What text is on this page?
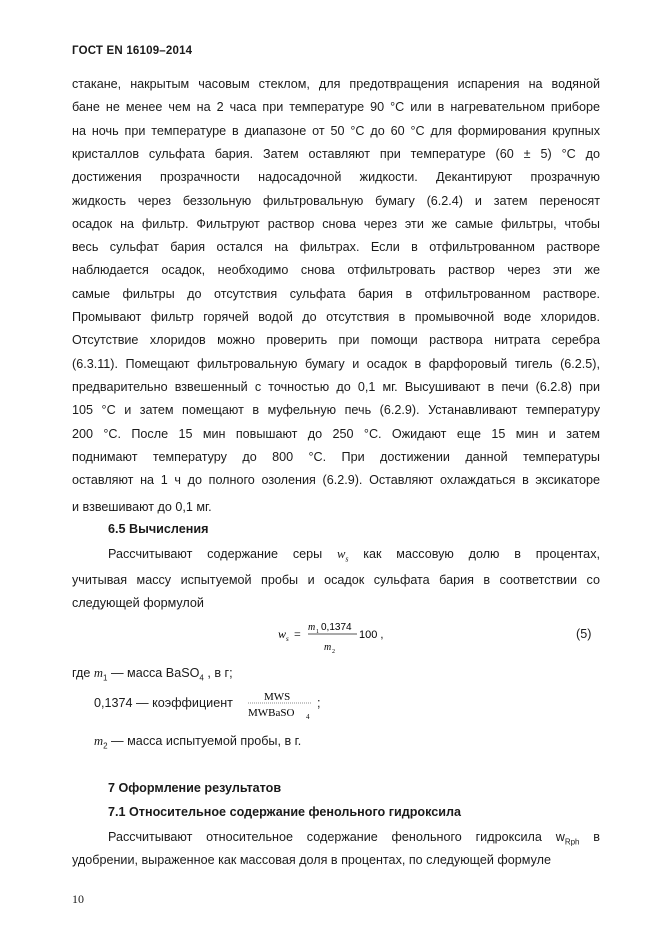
ГОСТ EN 16109–2014
стакане, накрытым часовым стеклом, для предотвращения испарения на водяной
бане не менее чем на 2 часа при температуре 90 °С или в нагревательном приборе
на ночь при температуре в диапазоне от 50 °С до 60 °С для формирования крупных
кристаллов сульфата бария. Затем оставляют при температуре (60 ± 5) °С до
достижения прозрачности надосадочной жидкости. Декантируют прозрачную
жидкость через беззольную фильтровальную бумагу (6.2.4) и затем переносят
осадок на фильтр. Фильтруют раствор снова через эти же самые фильтры, чтобы
весь сульфат бария остался на фильтрах. Если в отфильтрованном растворе
наблюдается осадок, необходимо снова отфильтровать раствор через эти же
самые фильтры до отсутствия сульфата бария в отфильтрованном растворе.
Промывают фильтр горячей водой до отсутствия в промывочной воде хлоридов.
Отсутствие хлоридов можно проверить при помощи раствора нитрата серебра
(6.3.11). Помещают фильтровальную бумагу и осадок в фарфоровый тигель (6.2.5),
предварительно взвешенный с точностью до 0,1 мг. Высушивают в печи (6.2.8) при
105 °С и затем помещают в муфельную печь (6.2.9). Устанавливают температуру
200 °С. После 15 мин повышают до 250 °С. Ожидают еще 15 мин и затем
поднимают температуру до 800 °С. При достижении данной температуры
оставляют на 1 ч до полного озоления (6.2.9). Оставляют охлаждаться в эксикаторе
и взвешивают до 0,1 мг.
6.5 Вычисления
Рассчитывают содержание серы $w_s$ как массовую долю в процентах,
учитывая массу испытуемой пробы и осадок сульфата бария в соответствии со
следующей формулой
w s = m 1 0,1374
m 2
100 ,	(5)
где $m_1$ — масса BaSO$_4$ , в г;
0,1374 — коэффициент	MWS
MWBaSO 4
;
$m_2$ — масса испытуемой пробы, в г.
7 Оформление результатов
7.1 Относительное содержание фенольного гидроксила
Рассчитывают относительное содержание фенольного гидроксила $w_{Rph}$ в
удобрении, выраженное как массовая доля в процентах, по следующей формуле
10
